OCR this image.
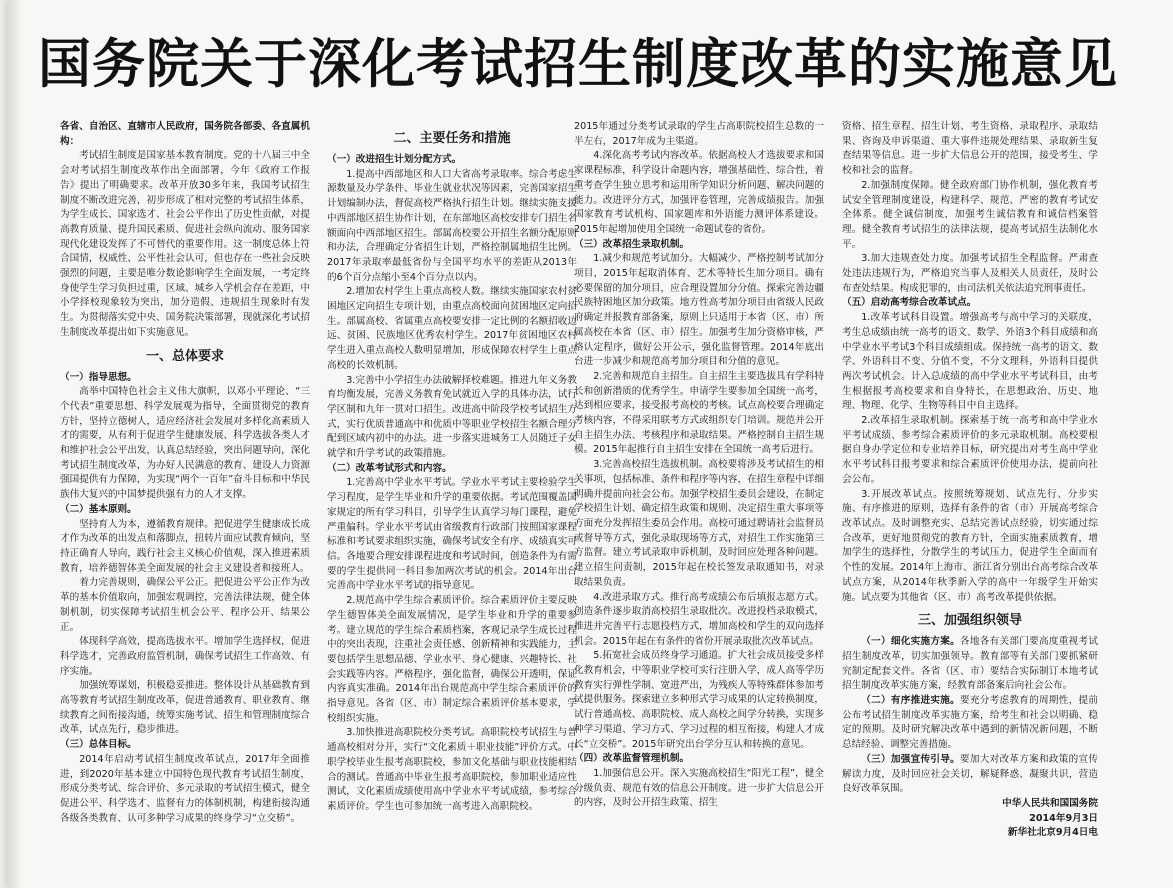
国务院关于深化考试招生制度改革的实施意见

各省、自治区、直辖市人民政府，国务院各部委、各直属机构：

考试招生制度是国家基本教育制度。党的十八届三中全会对考试招生制度改革作出全面部署，今年《政府工作报告》提出了明确要求。改革开放30多年来，我国考试招生制度不断改进完善，初步形成了相对完整的考试招生体系，为学生成长、国家选才、社会公平作出了历史性贡献，对提高教育质量、提升国民素质、促进社会纵向流动、服务国家现代化建设发挥了不可替代的重要作用。这一制度总体上符合国情，权威性、公平性社会认可，但也存在一些社会反映强烈的问题，主要是唯分数论影响学生全面发展，一考定终身使学生学习负担过重，区域、城乡入学机会存在差距，中小学择校现象较为突出，加分造假、违规招生现象时有发生。为贯彻落实党中央、国务院决策部署，现就深化考试招生制度改革提出如下实施意见。

一、总体要求

（一）指导思想。

高举中国特色社会主义伟大旗帜，以邓小平理论、“三个代表”重要思想、科学发展观为指导，全面贯彻党的教育方针，坚持立德树人，适应经济社会发展对多样化高素质人才的需要，从有利于促进学生健康发展、科学选拔各类人才和维护社会公平出发，认真总结经验，突出问题导向，深化考试招生制度改革，为办好人民满意的教育、建设人力资源强国提供有力保障，为实现“两个一百年”奋斗目标和中华民族伟大复兴的中国梦提供强有力的人才支撑。

（二）基本原则。

坚持育人为本，遵循教育规律。把促进学生健康成长成才作为改革的出发点和落脚点，扭转片面应试教育倾向，坚持正确育人导向，践行社会主义核心价值观，深入推进素质教育，培养德智体美全面发展的社会主义建设者和接班人。

着力完善规则，确保公平公正。把促进公平公正作为改革的基本价值取向，加强宏观调控，完善法律法规，健全体制机制，切实保障考试招生机会公平、程序公开、结果公正。

体现科学高效，提高选拔水平。增加学生选择权，促进科学选才，完善政府监管机制，确保考试招生工作高效、有序实施。

加强统筹谋划，积极稳妥推进。整体设计从基础教育到高等教育考试招生制度改革，促进普通教育、职业教育、继续教育之间衔接沟通，统筹实施考试、招生和管理制度综合改革，试点先行，稳步推进。

（三）总体目标。

2014年启动考试招生制度改革试点，2017年全面推进，到2020年基本建立中国特色现代教育考试招生制度，形成分类考试、综合评价、多元录取的考试招生模式，健全促进公平、科学选才、监督有力的体制机制，构建衔接沟通各级各类教育、认可多种学习成果的终身学习“立交桥”。

二、主要任务和措施

（一）改进招生计划分配方式。

1.提高中西部地区和人口大省高考录取率。综合考虑生源数量及办学条件、毕业生就业状况等因素，完善国家招生计划编制办法，督促高校严格执行招生计划。继续实施支援中西部地区招生协作计划，在东部地区高校安排专门招生名额面向中西部地区招生。部属高校要公开招生名额分配原则和办法，合理确定分省招生计划，严格控制属地招生比例。2017年录取率最低省份与全国平均水平的差距从2013年的6个百分点缩小至4个百分点以内。

2.增加农村学生上重点高校人数。继续实施国家农村贫困地区定向招生专项计划，由重点高校面向贫困地区定向招生。部属高校、省属重点高校要安排一定比例的名额招收边远、贫困、民族地区优秀农村学生。2017年贫困地区农村学生进入重点高校人数明显增加，形成保障农村学生上重点高校的长效机制。

3.完善中小学招生办法破解择校难题。推进九年义务教育均衡发展，完善义务教育免试就近入学的具体办法，试行学区制和九年一贯对口招生。改进高中阶段学校考试招生方式，实行优质普通高中和优质中等职业学校招生名额合理分配到区域内初中的办法。进一步落实进城务工人员随迁子女就学和升学考试的政策措施。

（二）改革考试形式和内容。

1.完善高中学业水平考试。学业水平考试主要检验学生学习程度，是学生毕业和升学的重要依据。考试范围覆盖国家规定的所有学习科目，引导学生认真学习每门课程，避免严重偏科。学业水平考试由省级教育行政部门按照国家课程标准和考试要求组织实施，确保考试安全有序、成绩真实可信。各地要合理安排课程进度和考试时间，创造条件为有需要的学生提供同一科目参加两次考试的机会。2014年出台完善高中学业水平考试的指导意见。

2.规范高中学生综合素质评价。综合素质评价主要反映学生德智体美全面发展情况，是学生毕业和升学的重要参考。建立规范的学生综合素质档案，客观记录学生成长过程中的突出表现，注重社会责任感、创新精神和实践能力，主要包括学生思想品德、学业水平、身心健康、兴趣特长、社会实践等内容。严格程序，强化监督，确保公开透明，保证内容真实准确。2014年出台规范高中学生综合素质评价的指导意见。各省（区、市）制定综合素质评价基本要求，学校组织实施。

3.加快推进高职院校分类考试。高职院校考试招生与普通高校相对分开，实行“文化素质＋职业技能”评价方式。中职学校毕业生报考高职院校，参加文化基础与职业技能相结合的测试。普通高中毕业生报考高职院校，参加职业适应性测试，文化素质成绩使用高中学业水平考试成绩，参考综合素质评价。学生也可参加统一高考进入高职院校。

2015年通过分类考试录取的学生占高职院校招生总数的一半左右，2017年成为主渠道。

4.深化高考考试内容改革。依据高校人才选拔要求和国家课程标准，科学设计命题内容，增强基础性、综合性，着重考查学生独立思考和运用所学知识分析问题、解决问题的能力。改进评分方式，加强评卷管理，完善成绩报告。加强国家教育考试机构、国家题库和外语能力测评体系建设。2015年起增加使用全国统一命题试卷的省份。

（三）改革招生录取机制。

1.减少和规范考试加分。大幅减少、严格控制考试加分项目，2015年起取消体育、艺术等特长生加分项目。确有必要保留的加分项目，应合理设置加分分值。探索完善边疆民族特困地区加分政策。地方性高考加分项目由省级人民政府确定并报教育部备案，原则上只适用于本省（区、市）所属高校在本省（区、市）招生。加强考生加分资格审核，严格认定程序，做好公开公示，强化监督管理。2014年底出台进一步减少和规范高考加分项目和分值的意见。

2.完善和规范自主招生。自主招生主要选拔具有学科特长和创新潜质的优秀学生。申请学生要参加全国统一高考，达到相应要求，接受报考高校的考核。试点高校要合理确定考核内容，不得采用联考方式或组织专门培训。规范并公开自主招生办法、考核程序和录取结果。严格控制自主招生规模。2015年起推行自主招生安排在全国统一高考后进行。

3.完善高校招生选拔机制。高校要将涉及考试招生的相关事项，包括标准、条件和程序等内容，在招生章程中详细明确并提前向社会公布。加强学校招生委员会建设，在制定学校招生计划、确定招生政策和规则、决定招生重大事项等方面充分发挥招生委员会作用。高校可通过聘请社会监督员或督导等方式，强化录取现场等方式，对招生工作实施第三方监督。建立考试录取申诉机制，及时回应处理各种问题。建立招生问责制，2015年起在校长签发录取通知书，对录取结果负责。

4.改进录取方式。推行高考成绩公布后填报志愿方式。创造条件逐步取消高校招生录取批次。改进投档录取模式，推进并完善平行志愿投档方式，增加高校和学生的双向选择机会。2015年起在有条件的省份开展录取批次改革试点。

5.拓宽社会成员终身学习通道。扩大社会成员接受多样化教育机会，中等职业学校可实行注册入学，成人高等学历教育实行弹性学制、宽进严出，为残疾人等特殊群体参加考试提供服务。探索建立多种形式学习成果的认定转换制度，试行普通高校、高职院校、成人高校之间学分转换，实现多种学习渠道、学习方式、学习过程的相互衔接，构建人才成长“立交桥”。2015年研究出台学分互认和转换的意见。

（四）改革监督管理机制。

1.加强信息公开。深入实施高校招生“阳光工程”，健全分级负责、规范有效的信息公开制度。进一步扩大信息公开的内容，及时公开招生政策、招生

资格、招生章程、招生计划、考生资格、录取程序、录取结果、咨询及申诉渠道、重大事件违规处理结果、录取新生复查结果等信息。进一步扩大信息公开的范围，接受考生、学校和社会的监督。

2.加强制度保障。健全政府部门协作机制，强化教育考试安全管理制度建设，构建科学、规范、严密的教育考试安全体系。健全诚信制度，加强考生诚信教育和诚信档案管理。健全教育考试招生的法律法规，提高考试招生法制化水平。

3.加大违规查处力度。加强考试招生全程监督。严肃查处违法违规行为，严格追究当事人及相关人员责任，及时公布查处结果。构成犯罪的，由司法机关依法追究刑事责任。

（五）启动高考综合改革试点。

1.改革考试科目设置。增强高考与高中学习的关联度，考生总成绩由统一高考的语文、数学、外语3个科目成绩和高中学业水平考试3个科目成绩组成。保持统一高考的语文、数学、外语科目不变、分值不变，不分文理科，外语科目提供两次考试机会。计入总成绩的高中学业水平考试科目，由考生根据报考高校要求和自身特长，在思想政治、历史、地理、物理、化学、生物等科目中自主选择。

2.改革招生录取机制。探索基于统一高考和高中学业水平考试成绩、参考综合素质评价的多元录取机制。高校要根据自身办学定位和专业培养目标，研究提出对考生高中学业水平考试科目报考要求和综合素质评价使用办法，提前向社会公布。

3.开展改革试点。按照统筹规划、试点先行、分步实施、有序推进的原则，选择有条件的省（市）开展高考综合改革试点。及时调整充实、总结完善试点经验，切实通过综合改革，更好地贯彻党的教育方针，全面实施素质教育，增加学生的选择性，分散学生的考试压力，促进学生全面而有个性的发展。2014年上海市、浙江省分别出台高考综合改革试点方案，从2014年秋季新入学的高中一年级学生开始实施。试点要为其他省（区、市）高考改革提供依据。

三、加强组织领导

（一）细化实施方案。各地各有关部门要高度重视考试招生制度改革，切实加强领导。教育部等有关部门要抓紧研究制定配套文件。各省（区、市）要结合实际制订本地考试招生制度改革实施方案，经教育部备案后向社会公布。

（二）有序推进实施。要充分考虑教育的周期性，提前公布考试招生制度改革实施方案，给考生和社会以明确、稳定的预期。及时研究解决改革中遇到的新情况新问题，不断总结经验、调整完善措施。

（三）加强宣传引导。要加大对改革方案和政策的宣传解读力度，及时回应社会关切，解疑释惑、凝聚共识，营造良好改革氛围。

中华人民共和国国务院

2014年9月3日

新华社北京9月4日电
